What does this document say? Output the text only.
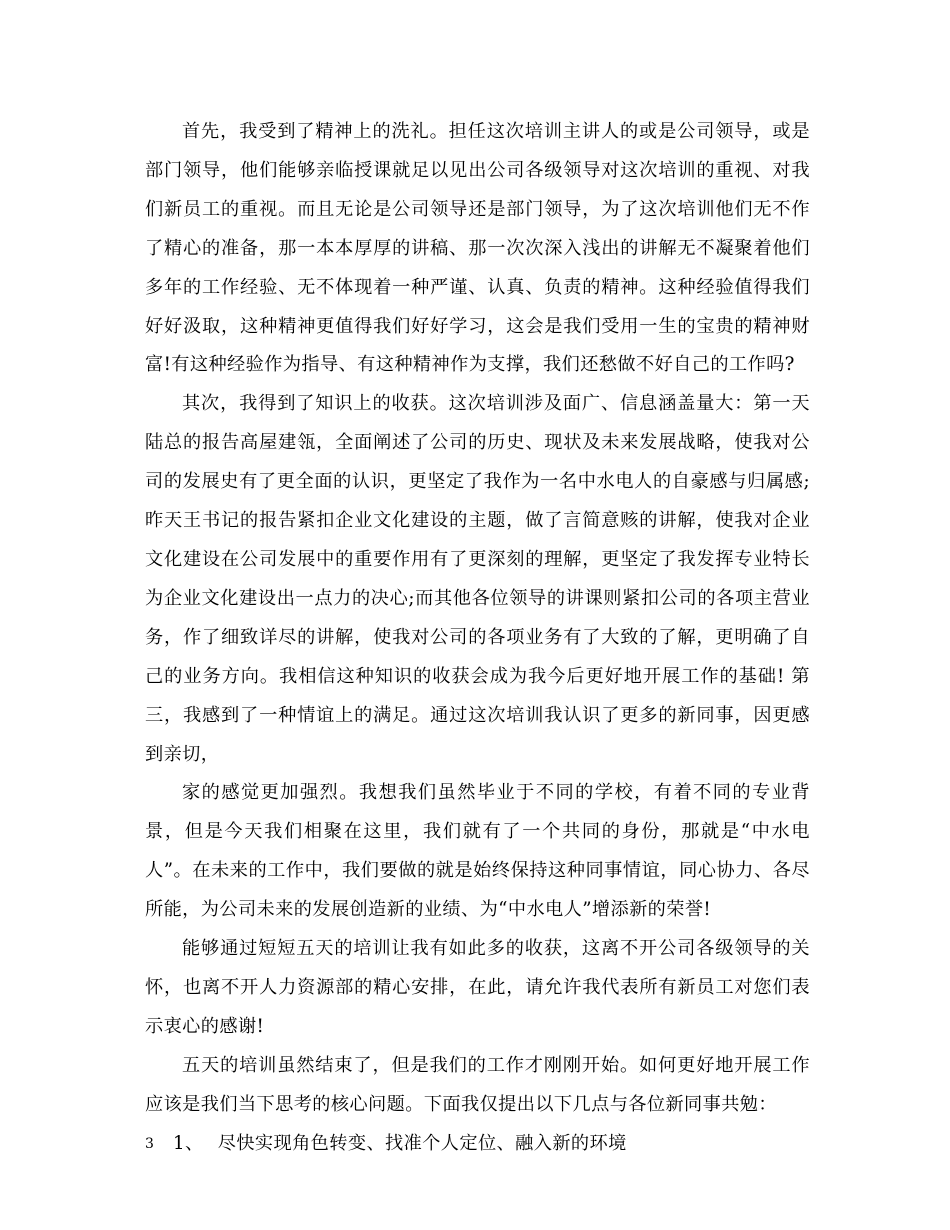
首先，我受到了精神上的洗礼。担任这次培训主讲人的或是公司领导，或是部门领导，他们能够亲临授课就足以见出公司各级领导对这次培训的重视、对我们新员工的重视。而且无论是公司领导还是部门领导，为了这次培训他们无不作了精心的准备，那一本本厚厚的讲稿、那一次次深入浅出的讲解无不凝聚着他们多年的工作经验、无不体现着一种严谨、认真、负责的精神。这种经验值得我们好好汲取，这种精神更值得我们好好学习，这会是我们受用一生的宝贵的精神财富!有这种经验作为指导、有这种精神作为支撑，我们还愁做不好自己的工作吗?

其次，我得到了知识上的收获。这次培训涉及面广、信息涵盖量大：第一天陆总的报告高屋建瓴，全面阐述了公司的历史、现状及未来发展战略，使我对公司的发展史有了更全面的认识，更坚定了我作为一名中水电人的自豪感与归属感;昨天王书记的报告紧扣企业文化建设的主题，做了言简意赅的讲解，使我对企业文化建设在公司发展中的重要作用有了更深刻的理解，更坚定了我发挥专业特长为企业文化建设出一点力的决心;而其他各位领导的讲课则紧扣公司的各项主营业务，作了细致详尽的讲解，使我对公司的各项业务有了大致的了解，更明确了自己的业务方向。我相信这种知识的收获会成为我今后更好地开展工作的基础! 第三，我感到了一种情谊上的满足。通过这次培训我认识了更多的新同事，因更感到亲切，

家的感觉更加强烈。我想我们虽然毕业于不同的学校，有着不同的专业背景，但是今天我们相聚在这里，我们就有了一个共同的身份，那就是“中水电人”。在未来的工作中，我们要做的就是始终保持这种同事情谊，同心协力、各尽所能，为公司未来的发展创造新的业绩、为“中水电人”增添新的荣誉!

能够通过短短五天的培训让我有如此多的收获，这离不开公司各级领导的关怀，也离不开人力资源部的精心安排，在此，请允许我代表所有新员工对您们表示衷心的感谢!

五天的培训虽然结束了，但是我们的工作才刚刚开始。如何更好地开展工作应该是我们当下思考的核心问题。下面我仅提出以下几点与各位新同事共勉：

1、 尽快实现角色转变、找准个人定位、融入新的环境

3
